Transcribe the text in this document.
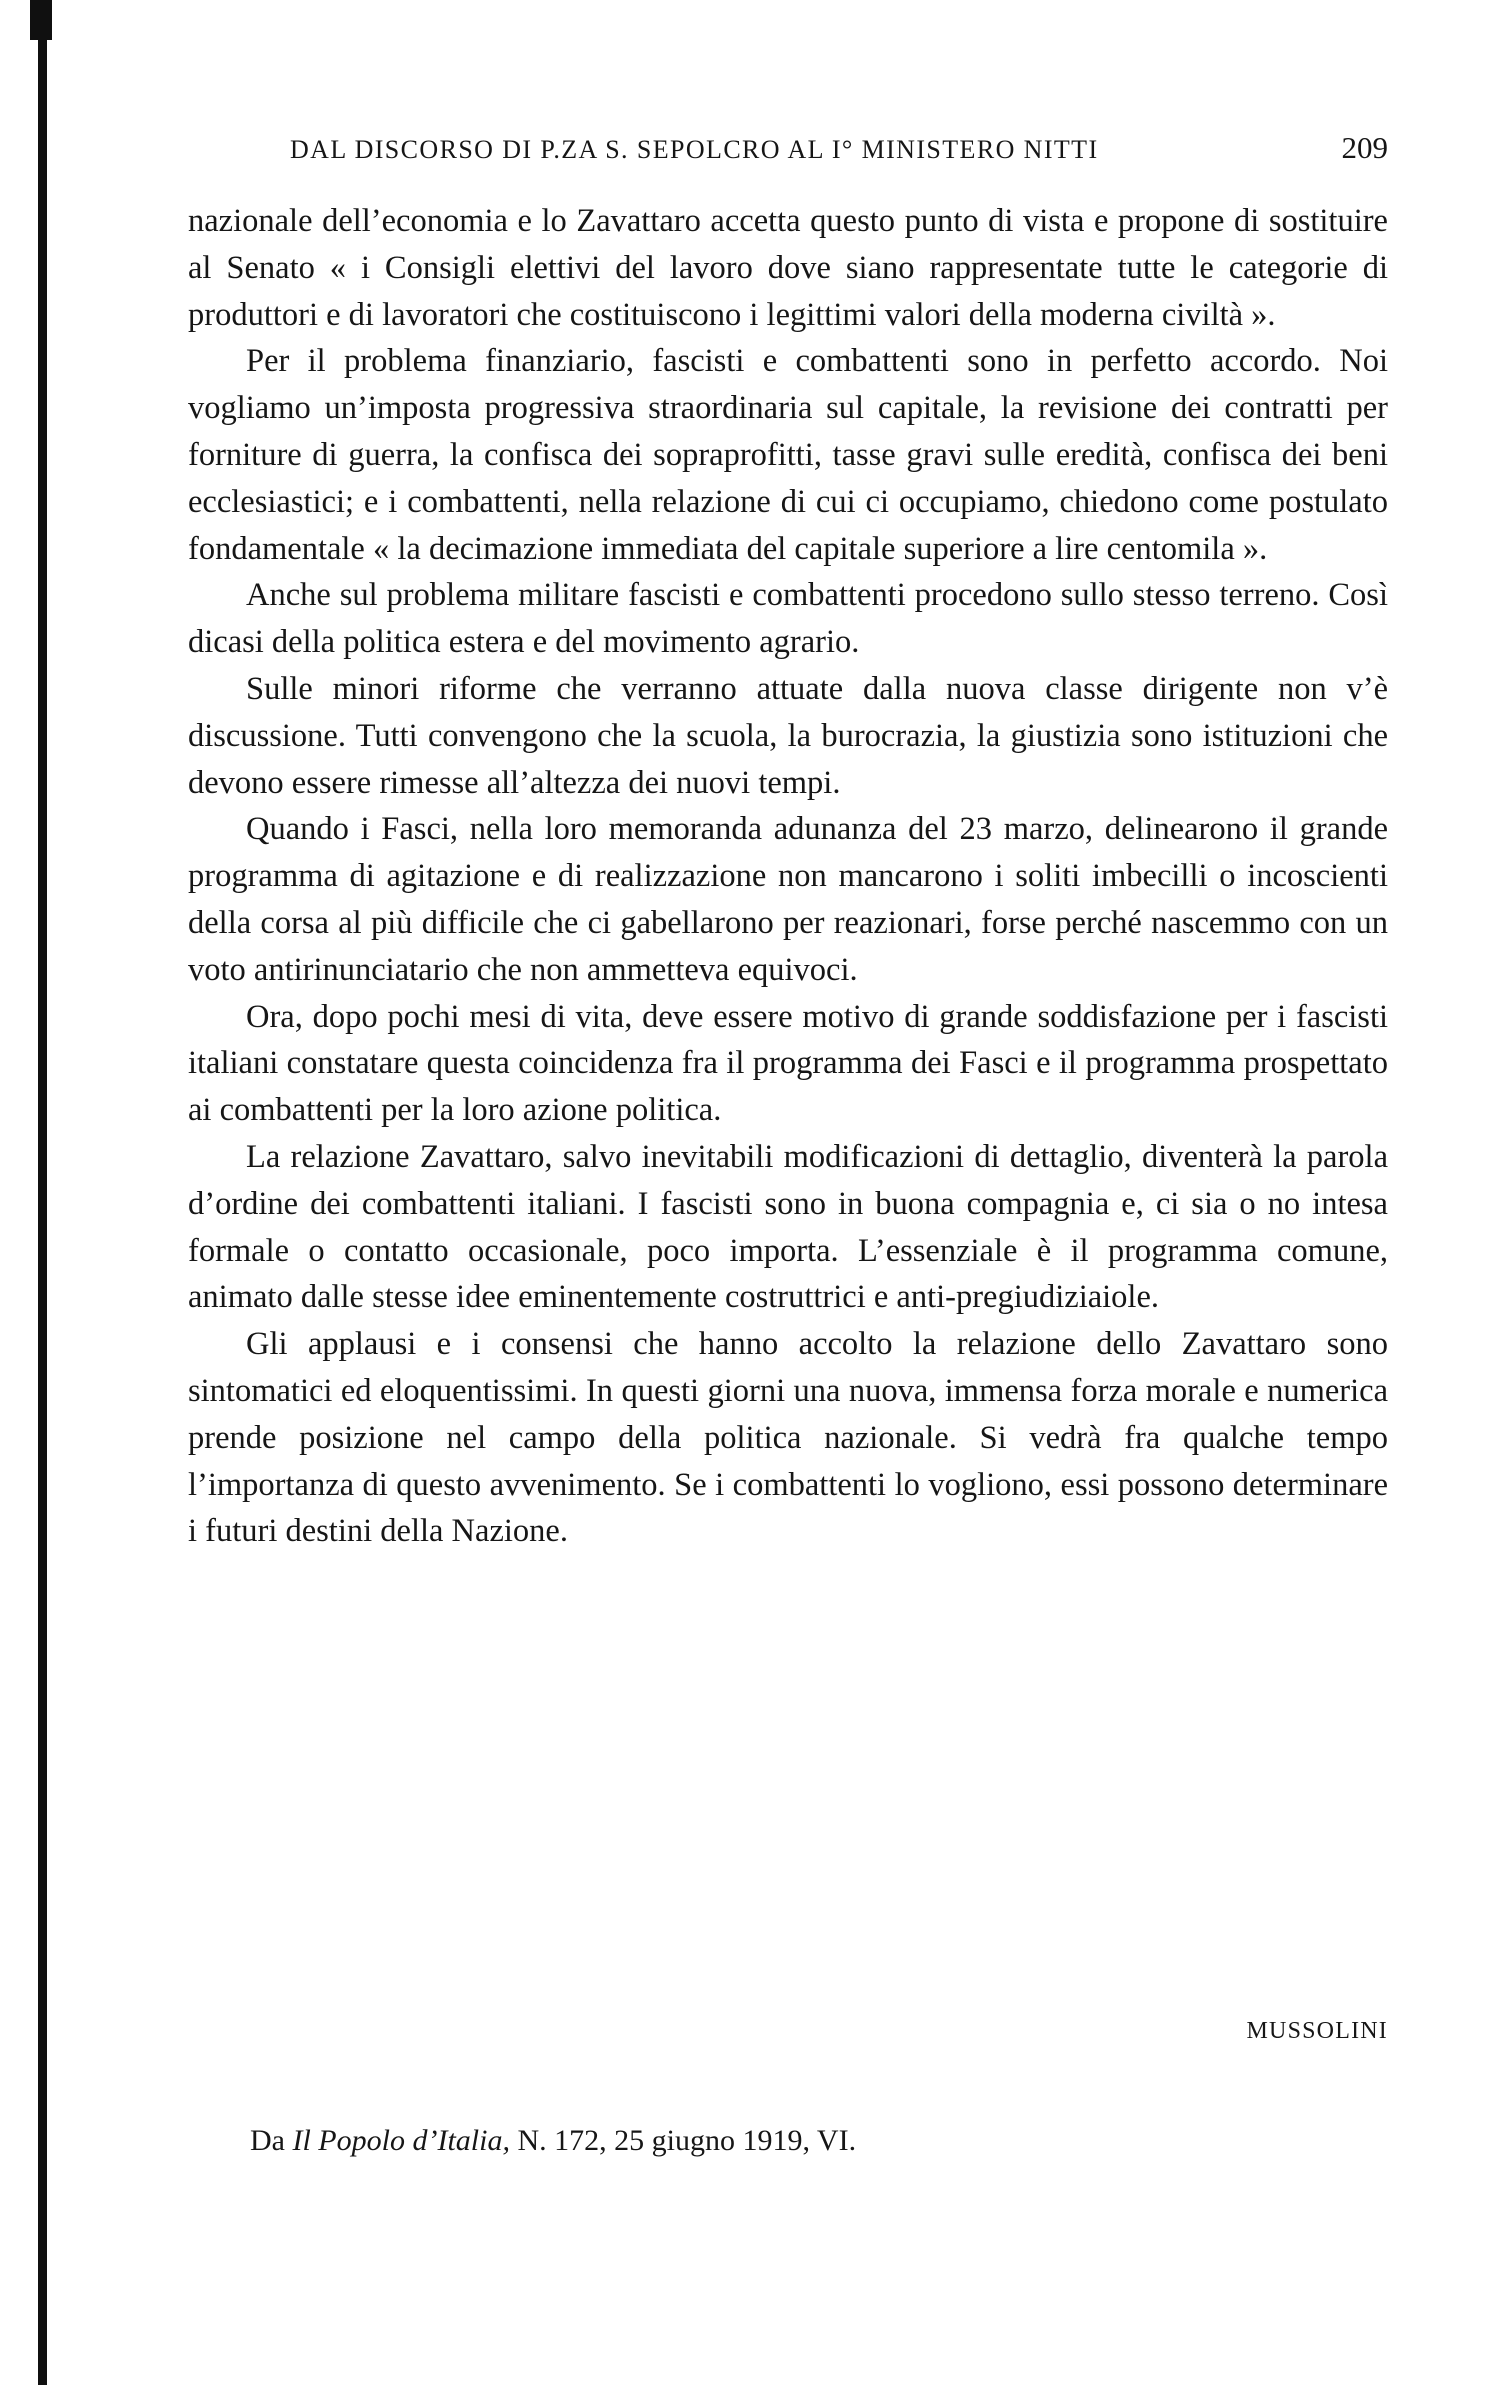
DAL DISCORSO DI P.ZA S. SEPOLCRO AL I° MINISTERO NITTI	209

nazionale dell’economia e lo Zavattaro accetta questo punto di vista e propone di sostituire al Senato « i Consigli elettivi del lavoro dove siano rappresentate tutte le categorie di produttori e di lavoratori che costituiscono i legittimi valori della moderna civiltà ».

Per il problema finanziario, fascisti e combattenti sono in perfetto accordo. Noi vogliamo un’imposta progressiva straordinaria sul capitale, la revisione dei contratti per forniture di guerra, la confisca dei sopraprofitti, tasse gravi sulle eredità, confisca dei beni ecclesiastici; e i combattenti, nella relazione di cui ci occupiamo, chiedono come postulato fondamentale « la decimazione immediata del capitale superiore a lire centomila ».

Anche sul problema militare fascisti e combattenti procedono sullo stesso terreno. Così dicasi della politica estera e del movimento agrario.

Sulle minori riforme che verranno attuate dalla nuova classe dirigente non v’è discussione. Tutti convengono che la scuola, la burocrazia, la giustizia sono istituzioni che devono essere rimesse all’altezza dei nuovi tempi.

Quando i Fasci, nella loro memoranda adunanza del 23 marzo, delinearono il grande programma di agitazione e di realizzazione non mancarono i soliti imbecilli o incoscienti della corsa al più difficile che ci gabellarono per reazionari, forse perché nascemmo con un voto antirinunciatario che non ammetteva equivoci.

Ora, dopo pochi mesi di vita, deve essere motivo di grande soddisfazione per i fascisti italiani constatare questa coincidenza fra il programma dei Fasci e il programma prospettato ai combattenti per la loro azione politica.

La relazione Zavattaro, salvo inevitabili modificazioni di dettaglio, diventerà la parola d’ordine dei combattenti italiani. I fascisti sono in buona compagnia e, ci sia o no intesa formale o contatto occasionale, poco importa. L’essenziale è il programma comune, animato dalle stesse idee eminentemente costruttrici e anti-pregiudiziaiole.

Gli applausi e i consensi che hanno accolto la relazione dello Zavattaro sono sintomatici ed eloquentissimi. In questi giorni una nuova, immensa forza morale e numerica prende posizione nel campo della politica nazionale. Si vedrà fra qualche tempo l’importanza di questo avvenimento. Se i combattenti lo vogliono, essi possono determinare i futuri destini della Nazione.

MUSSOLINI
Da Il Popolo d’Italia, N. 172, 25 giugno 1919, VI.
